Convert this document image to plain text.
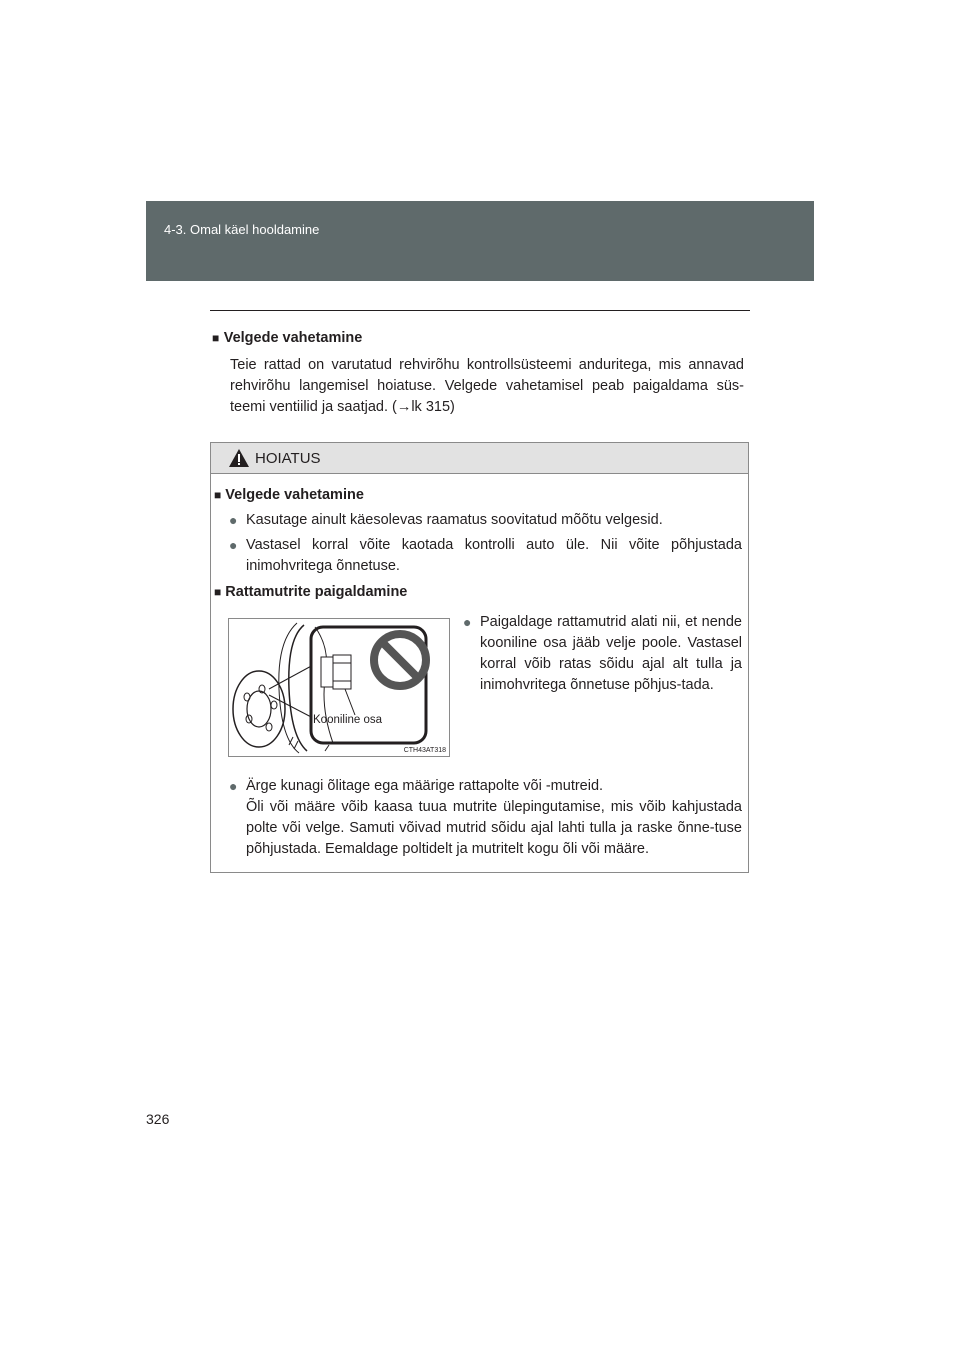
4-3. Omal käel hooldamine
■ Velgede vahetamine
Teie rattad on varutatud rehvirõhu kontrollsüsteemi anduritega, mis annavad rehvirõhu langemisel hoiatuse. Velgede vahetamisel peab paigaldama süs-teemi ventiilid ja saatjad. (→lk 315)
HOIATUS
■ Velgede vahetamine
● Kasutage ainult käesolevas raamatus soovitatud mõõtu velgesid.
● Vastasel korral võite kaotada kontrolli auto üle. Nii võite põhjustada inimohvritega õnnetuse.
■ Rattamutrite paigaldamine
Kooniline osa
CTH43AT318
● Paigaldage rattamutrid alati nii, et nende kooniline osa jääb velje poole. Vastasel korral võib ratas sõidu ajal alt tulla ja inimohvritega õnnetuse põhjus-tada.
● Ärge kunagi õlitage ega määrige rattapolte või -mutreid.
Õli või määre võib kaasa tuua mutrite ülepingutamise, mis võib kahjustada polte või velge. Samuti võivad mutrid sõidu ajal lahti tulla ja raske õnne-tuse põhjustada. Eemaldage poltidelt ja mutritelt kogu õli või määre.
326
